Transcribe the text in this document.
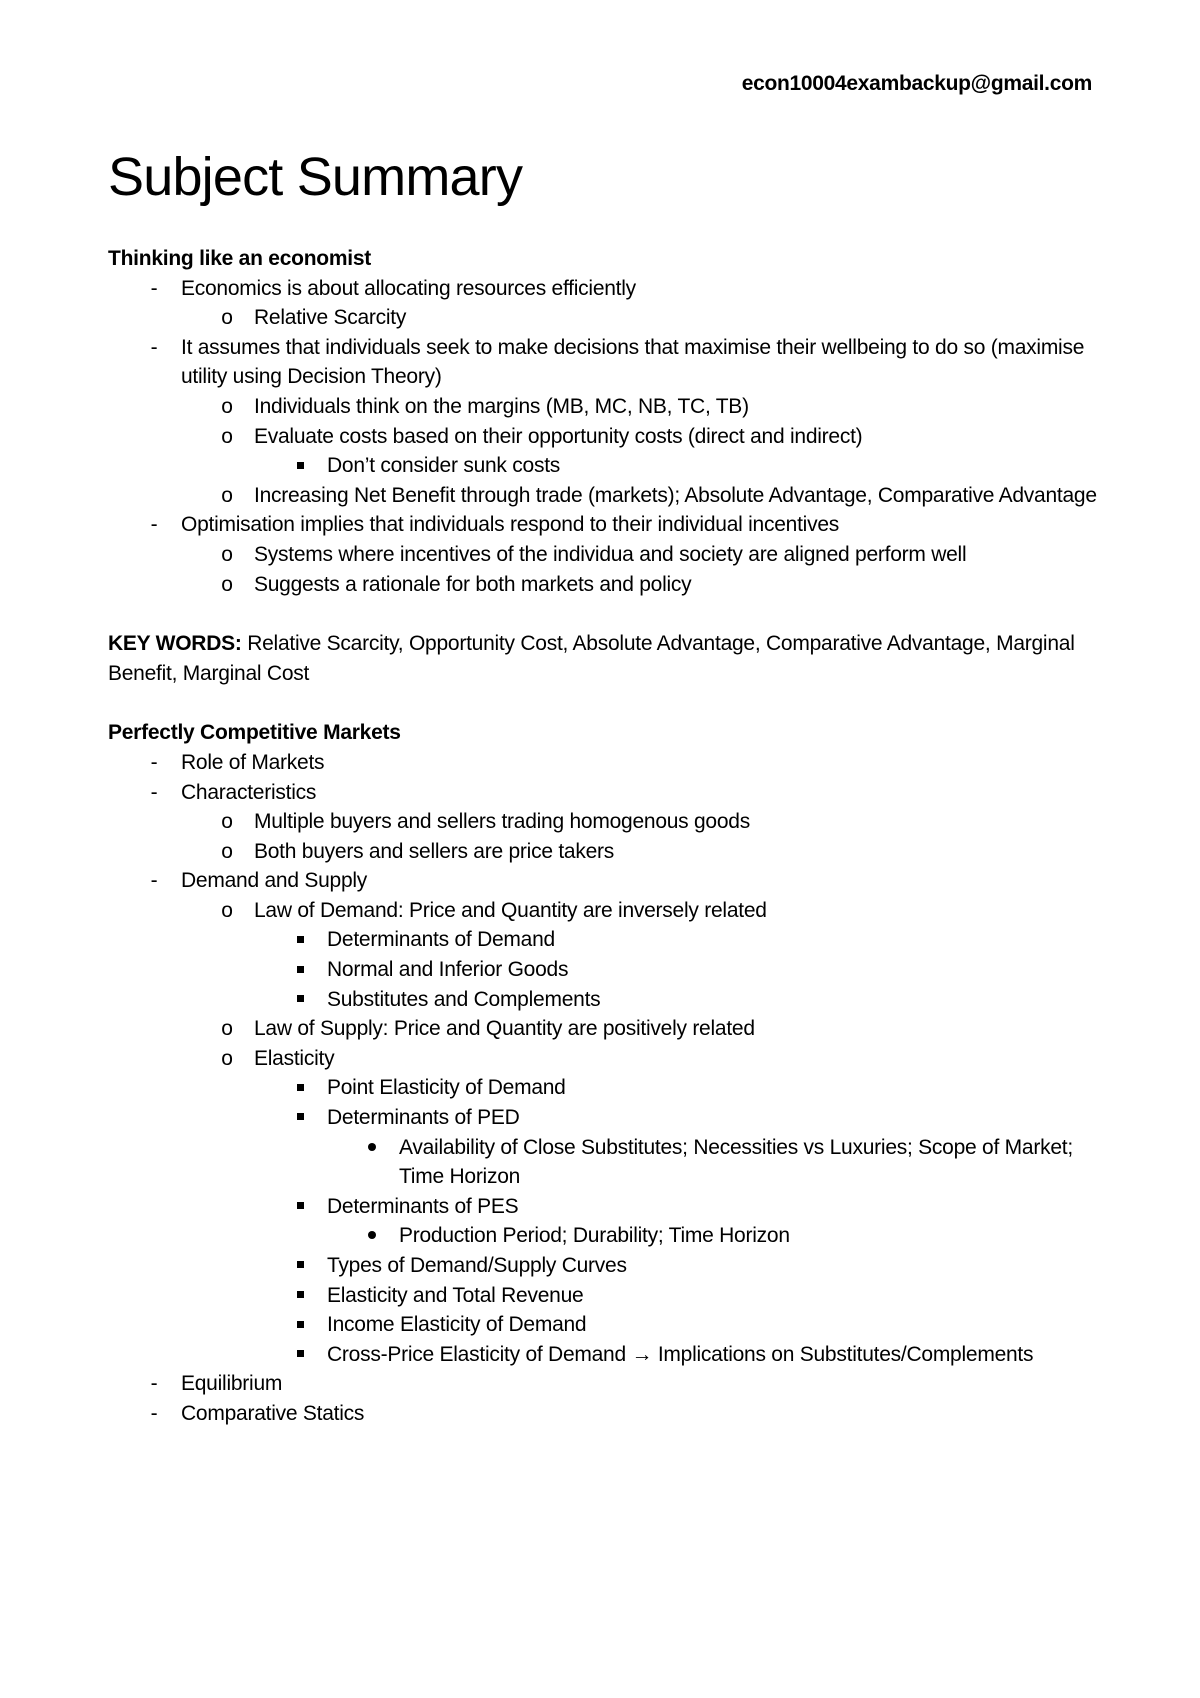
econ10004exambackup@gmail.com
Subject Summary

Thinking like an economist

-	Economics is about allocating resources efficiently

o Relative Scarcity

-	It assumes that individuals seek to make decisions that maximise their wellbeing to do so (maximise utility using Decision Theory)

o Individuals think on the margins (MB, MC, NB, TC, TB)

o Evaluate costs based on their opportunity costs (direct and indirect)

Don’t consider sunk costs

o Increasing Net Benefit through trade (markets); Absolute Advantage, Comparative Advantage

-	Optimisation implies that individuals respond to their individual incentives

o Systems where incentives of the individua and society are aligned perform well

o Suggests a rationale for both markets and policy

KEY WORDS: Relative Scarcity, Opportunity Cost, Absolute Advantage, Comparative Advantage, Marginal Benefit, Marginal Cost

Perfectly Competitive Markets

-	Role of Markets

-	Characteristics

o Multiple buyers and sellers trading homogenous goods

o Both buyers and sellers are price takers

-	Demand and Supply

o Law of Demand: Price and Quantity are inversely related

Determinants of Demand

Normal and Inferior Goods

Substitutes and Complements

o Law of Supply: Price and Quantity are positively related

o Elasticity

Point Elasticity of Demand

Determinants of PED

Availability of Close Substitutes; Necessities vs Luxuries; Scope of Market; Time Horizon

Determinants of PES

Production Period; Durability; Time Horizon

Types of Demand/Supply Curves

Elasticity and Total Revenue

Income Elasticity of Demand

Cross-Price Elasticity of Demand → Implications on Substitutes/Complements

-	Equilibrium

-	Comparative Statics
